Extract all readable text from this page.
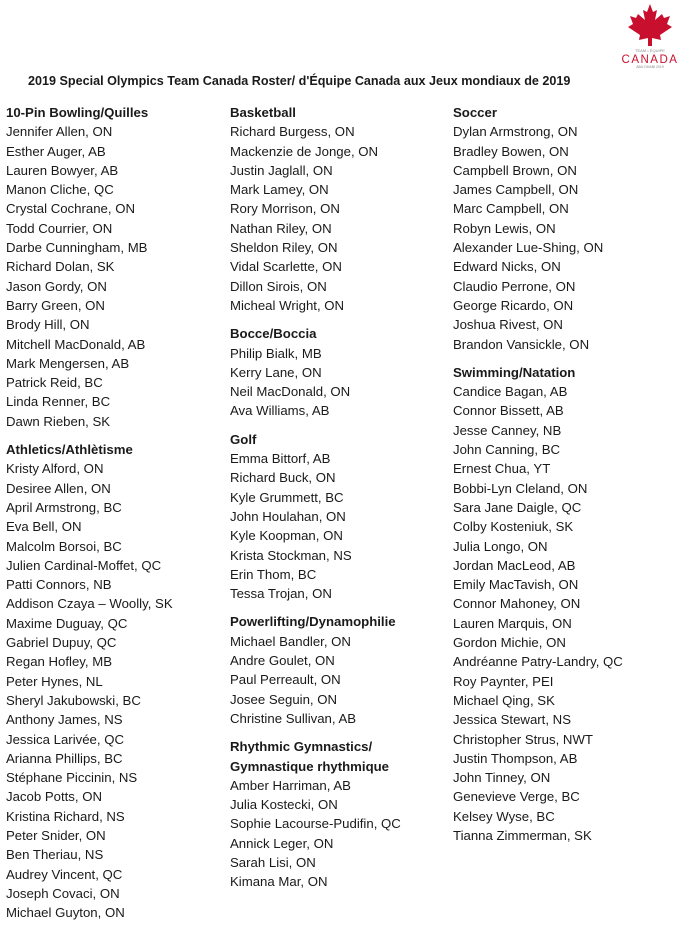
TEAM • ÉQUIPE
CANADA
ABU DHABI 2019
2019 Special Olympics Team Canada Roster/ d'Équipe Canada aux Jeux mondiaux de 2019
10-Pin Bowling/Quilles
Jennifer Allen, ON
Esther Auger, AB
Lauren Bowyer, AB
Manon Cliche, QC
Crystal Cochrane, ON
Todd Courrier, ON
Darbe Cunningham, MB
Richard Dolan, SK
Jason Gordy, ON
Barry Green, ON
Brody Hill, ON
Mitchell MacDonald, AB
Mark Mengersen, AB
Patrick Reid, BC
Linda Renner, BC
Dawn Rieben, SK
Athletics/Athlètisme
Kristy Alford, ON
Desiree Allen, ON
April Armstrong, BC
Eva Bell, ON
Malcolm Borsoi, BC
Julien Cardinal-Moffet, QC
Patti Connors, NB
Addison Czaya – Woolly, SK
Maxime Duguay, QC
Gabriel Dupuy, QC
Regan Hofley, MB
Peter Hynes, NL
Sheryl Jakubowski, BC
Anthony James, NS
Jessica Larivée, QC
Arianna Phillips, BC
Stéphane Piccinin, NS
Jacob Potts, ON
Kristina Richard, NS
Peter Snider, ON
Ben Theriau, NS
Audrey Vincent, QC
Joseph Covaci, ON
Michael Guyton, ON
Basketball
Richard Burgess, ON
Mackenzie de Jonge, ON
Justin Jaglall, ON
Mark Lamey, ON
Rory Morrison, ON
Nathan Riley, ON
Sheldon Riley, ON
Vidal Scarlette, ON
Dillon Sirois, ON
Micheal Wright, ON
Bocce/Boccia
Philip Bialk, MB
Kerry Lane, ON
Neil MacDonald, ON
Ava Williams, AB
Golf
Emma Bittorf, AB
Richard Buck, ON
Kyle Grummett, BC
John Houlahan, ON
Kyle Koopman, ON
Krista Stockman, NS
Erin Thom, BC
Tessa Trojan, ON
Powerlifting/Dynamophilie
Michael Bandler, ON
Andre Goulet, ON
Paul Perreault, ON
Josee Seguin, ON
Christine Sullivan, AB
Rhythmic Gymnastics/
Gymnastique rhythmique
Amber Harriman, AB
Julia Kostecki, ON
Sophie Lacourse-Pudifin, QC
Annick Leger, ON
Sarah Lisi, ON
Kimana Mar, ON
Soccer
Dylan Armstrong, ON
Bradley Bowen, ON
Campbell Brown, ON
James Campbell, ON
Marc Campbell, ON
Robyn Lewis, ON
Alexander Lue-Shing, ON
Edward Nicks, ON
Claudio Perrone, ON
George Ricardo, ON
Joshua Rivest, ON
Brandon Vansickle, ON
Swimming/Natation
Candice Bagan, AB
Connor Bissett, AB
Jesse Canney, NB
John Canning, BC
Ernest Chua, YT
Bobbi-Lyn Cleland, ON
Sara Jane Daigle, QC
Colby Kosteniuk, SK
Julia Longo, ON
Jordan MacLeod, AB
Emily MacTavish, ON
Connor Mahoney, ON
Lauren Marquis, ON
Gordon Michie, ON
Andréanne Patry-Landry, QC
Roy Paynter, PEI
Michael Qing, SK
Jessica Stewart, NS
Christopher Strus, NWT
Justin Thompson, AB
John Tinney, ON
Genevieve Verge, BC
Kelsey Wyse, BC
Tianna Zimmerman, SK
